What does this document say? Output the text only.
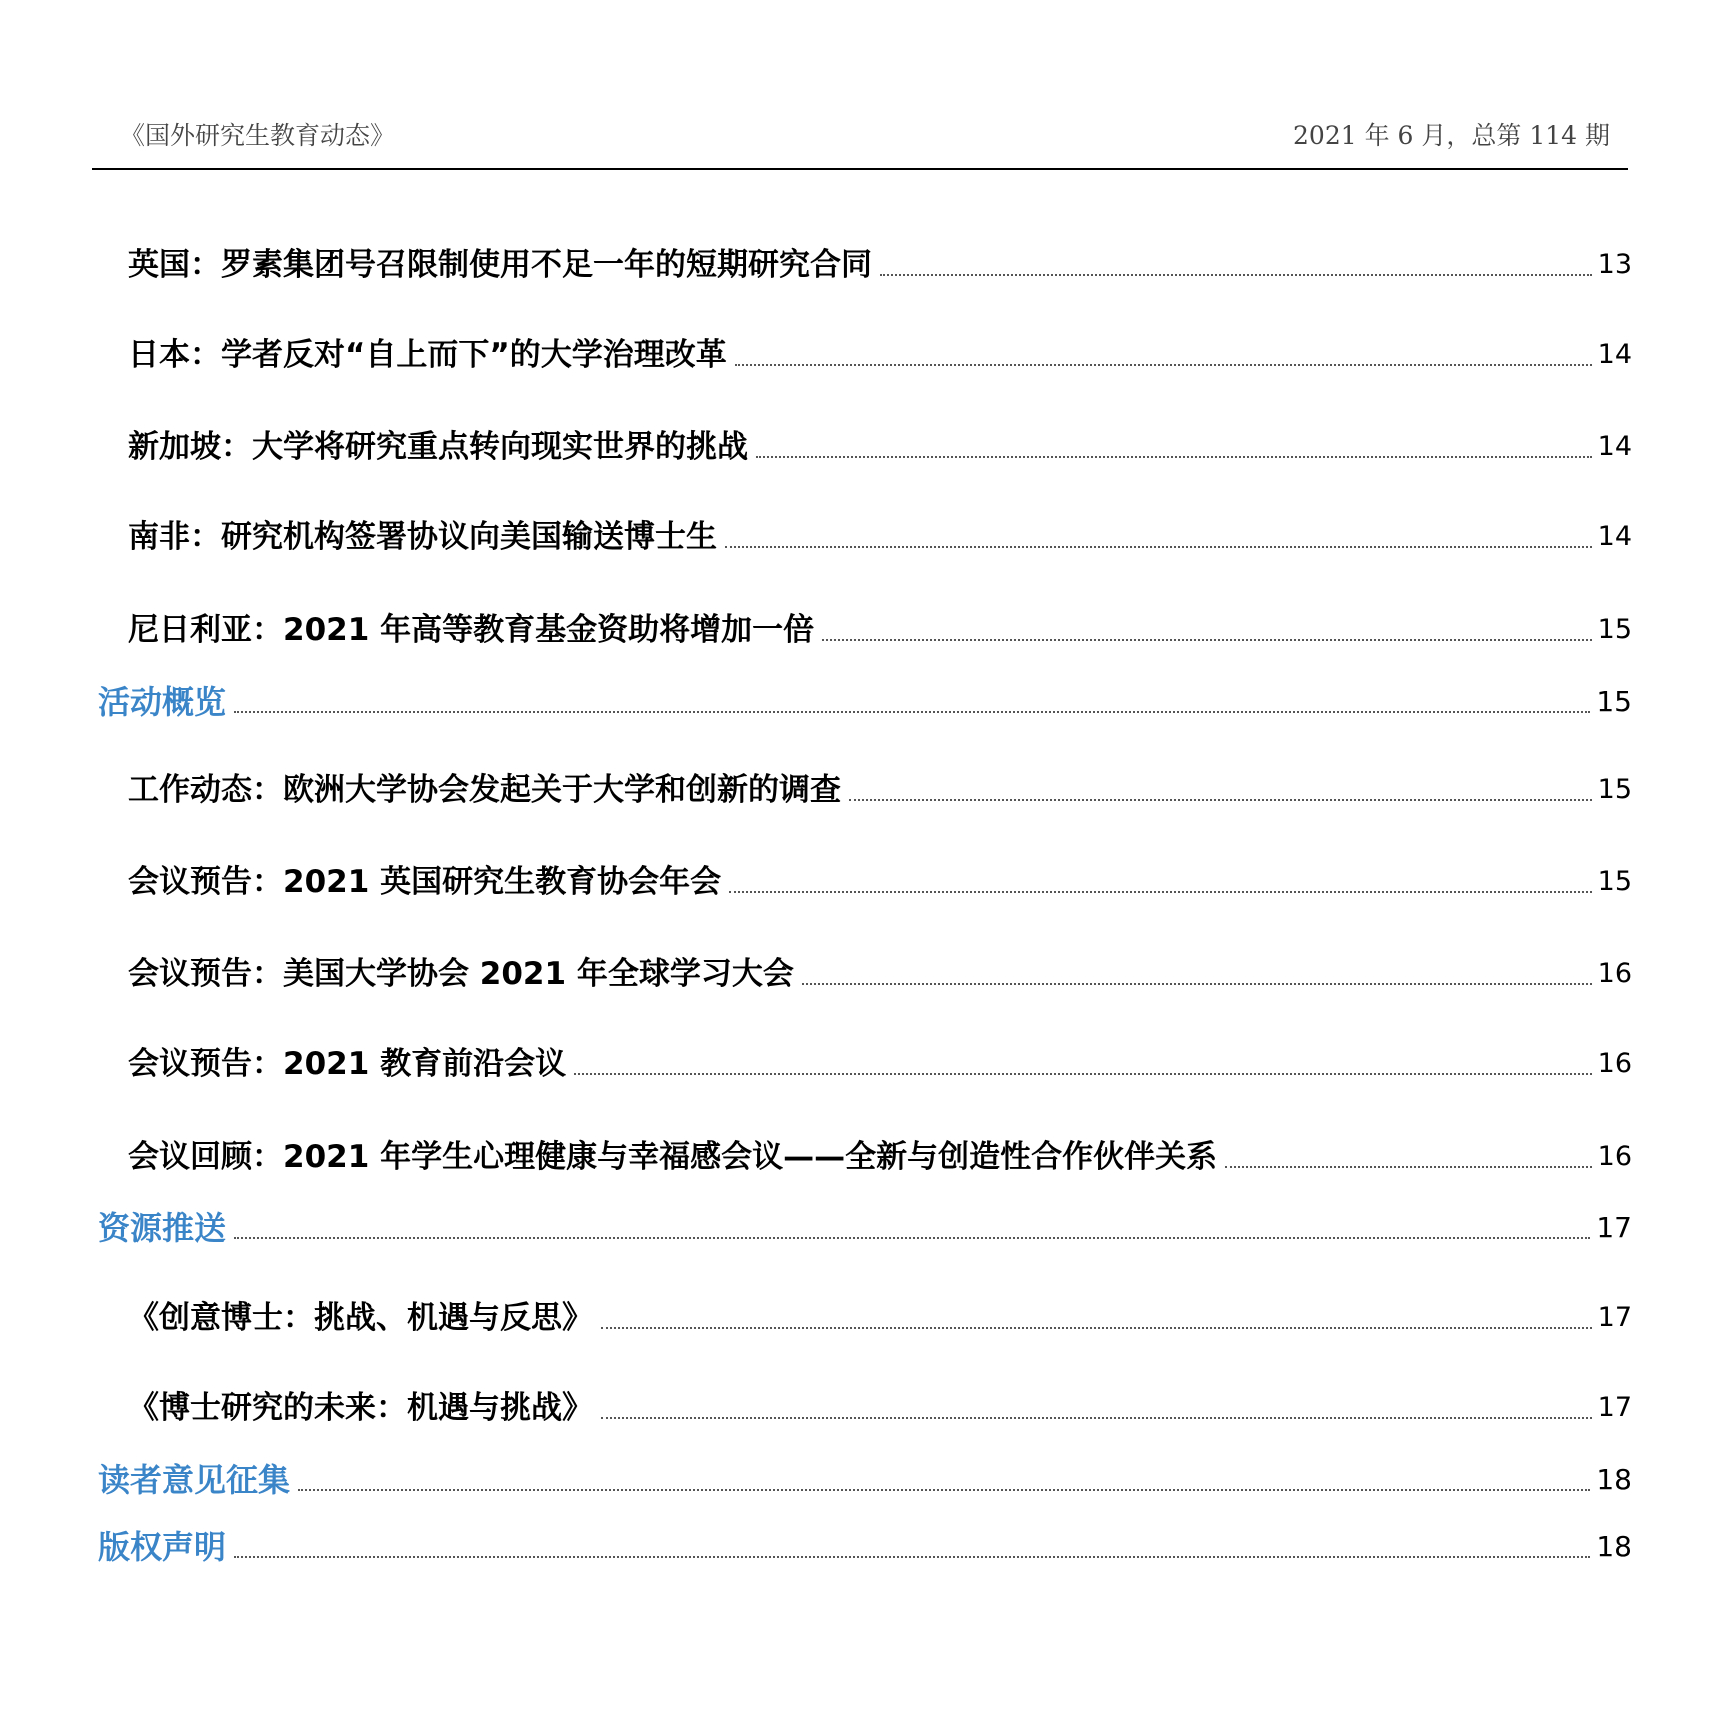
《国外研究生教育动态》	2021 年 6 月，总第 114 期
英国：罗素集团号召限制使用不足一年的短期研究合同	13
日本：学者反对“自上而下”的大学治理改革	14
新加坡：大学将研究重点转向现实世界的挑战	14
南非：研究机构签署协议向美国输送博士生	14
尼日利亚：2021 年高等教育基金资助将增加一倍	15
活动概览	15
工作动态：欧洲大学协会发起关于大学和创新的调查	15
会议预告：2021 英国研究生教育协会年会	15
会议预告：美国大学协会 2021 年全球学习大会	16
会议预告：2021 教育前沿会议	16
会议回顾：2021 年学生心理健康与幸福感会议——全新与创造性合作伙伴关系	16
资源推送	17
《创意博士：挑战、机遇与反思》	17
《博士研究的未来：机遇与挑战》	17
读者意见征集	18
版权声明	18
